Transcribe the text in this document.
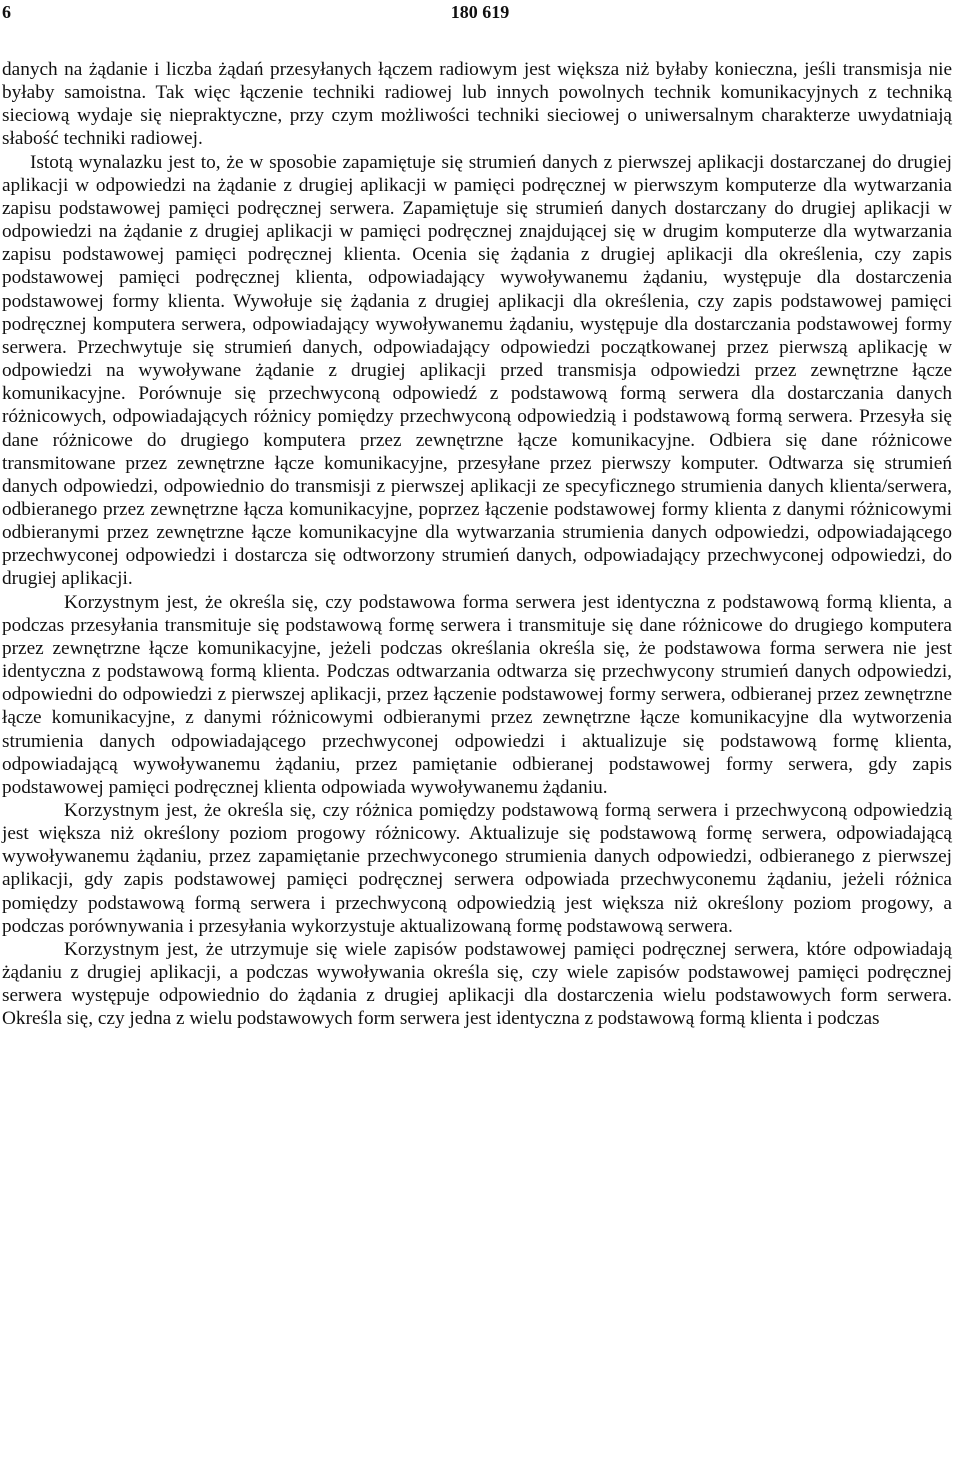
6	180 619

danych na żądanie i liczba żądań przesyłanych łączem radiowym jest większa niż byłaby konieczna, jeśli transmisja nie byłaby samoistna. Tak więc łączenie techniki radiowej lub innych powolnych technik komunikacyjnych z techniką sieciową wydaje się niepraktyczne, przy czym możliwości techniki sieciowej o uniwersalnym charakterze uwydatniają słabość techniki radiowej.

Istotą wynalazku jest to, że w sposobie zapamiętuje się strumień danych z pierwszej aplikacji dostarczanej do drugiej aplikacji w odpowiedzi na żądanie z drugiej aplikacji w pamięci podręcznej w pierwszym komputerze dla wytwarzania zapisu podstawowej pamięci podręcznej serwera. Zapamiętuje się strumień danych dostarczany do drugiej aplikacji w odpowiedzi na żądanie z drugiej aplikacji w pamięci podręcznej znajdującej się w drugim komputerze dla wytwarzania zapisu podstawowej pamięci podręcznej klienta. Ocenia się żądania z drugiej aplikacji dla określenia, czy zapis podstawowej pamięci podręcznej klienta, odpowiadający wywoływanemu żądaniu, występuje dla dostarczenia podstawowej formy klienta. Wywołuje się żądania z drugiej aplikacji dla określenia, czy zapis podstawowej pamięci podręcznej komputera serwera, odpowiadający wywoływanemu żądaniu, występuje dla dostarczania podstawowej formy serwera. Przechwytuje się strumień danych, odpowiadający odpowiedzi początkowanej przez pierwszą aplikację w odpowiedzi na wywoływane żądanie z drugiej aplikacji przed transmisja odpowiedzi przez zewnętrzne łącze komunikacyjne. Porównuje się przechwyconą odpowiedź z podstawową formą serwera dla dostarczania danych różnicowych, odpowiadających różnicy pomiędzy przechwyconą odpowiedzią i podstawową formą serwera. Przesyła się dane różnicowe do drugiego komputera przez zewnętrzne łącze komunikacyjne. Odbiera się dane różnicowe transmitowane przez zewnętrzne łącze komunikacyjne, przesyłane przez pierwszy komputer. Odtwarza się strumień danych odpowiedzi, odpowiednio do transmisji z pierwszej aplikacji ze specyficznego strumienia danych klienta/serwera, odbieranego przez zewnętrzne łącza komunikacyjne, poprzez łączenie podstawowej formy klienta z danymi różnicowymi odbieranymi przez zewnętrzne łącze komunikacyjne dla wytwarzania strumienia danych odpowiedzi, odpowiadającego przechwyconej odpowiedzi i dostarcza się odtworzony strumień danych, odpowiadający przechwyconej odpowiedzi, do drugiej aplikacji.

Korzystnym jest, że określa się, czy podstawowa forma serwera jest identyczna z podstawową formą klienta, a podczas przesyłania transmituje się podstawową formę serwera i transmituje się dane różnicowe do drugiego komputera przez zewnętrzne łącze komunikacyjne, jeżeli podczas określania określa się, że podstawowa forma serwera nie jest identyczna z podstawową formą klienta. Podczas odtwarzania odtwarza się przechwycony strumień danych odpowiedzi, odpowiedni do odpowiedzi z pierwszej aplikacji, przez łączenie podstawowej formy serwera, odbieranej przez zewnętrzne łącze komunikacyjne, z danymi różnicowymi odbieranymi przez zewnętrzne łącze komunikacyjne dla wytworzenia strumienia danych odpowiadającego przechwyconej odpowiedzi i aktualizuje się podstawową formę klienta, odpowiadającą wywoływanemu żądaniu, przez pamiętanie odbieranej podstawowej formy serwera, gdy zapis podstawowej pamięci podręcznej klienta odpowiada wywoływanemu żądaniu.

Korzystnym jest, że określa się, czy różnica pomiędzy podstawową formą serwera i przechwyconą odpowiedzią jest większa niż określony poziom progowy różnicowy. Aktualizuje się podstawową formę serwera, odpowiadającą wywoływanemu żądaniu, przez zapamiętanie przechwyconego strumienia danych odpowiedzi, odbieranego z pierwszej aplikacji, gdy zapis podstawowej pamięci podręcznej serwera odpowiada przechwyconemu żądaniu, jeżeli różnica pomiędzy podstawową formą serwera i przechwyconą odpowiedzią jest większa niż określony poziom progowy, a podczas porównywania i przesyłania wykorzystuje aktualizowaną formę podstawową serwera.

Korzystnym jest, że utrzymuje się wiele zapisów podstawowej pamięci podręcznej serwera, które odpowiadają żądaniu z drugiej aplikacji, a podczas wywoływania określa się, czy wiele zapisów podstawowej pamięci podręcznej serwera występuje odpowiednio do żądania z drugiej aplikacji dla dostarczenia wielu podstawowych form serwera. Określa się, czy jedna z wielu podstawowych form serwera jest identyczna z podstawową formą klienta i podczas
